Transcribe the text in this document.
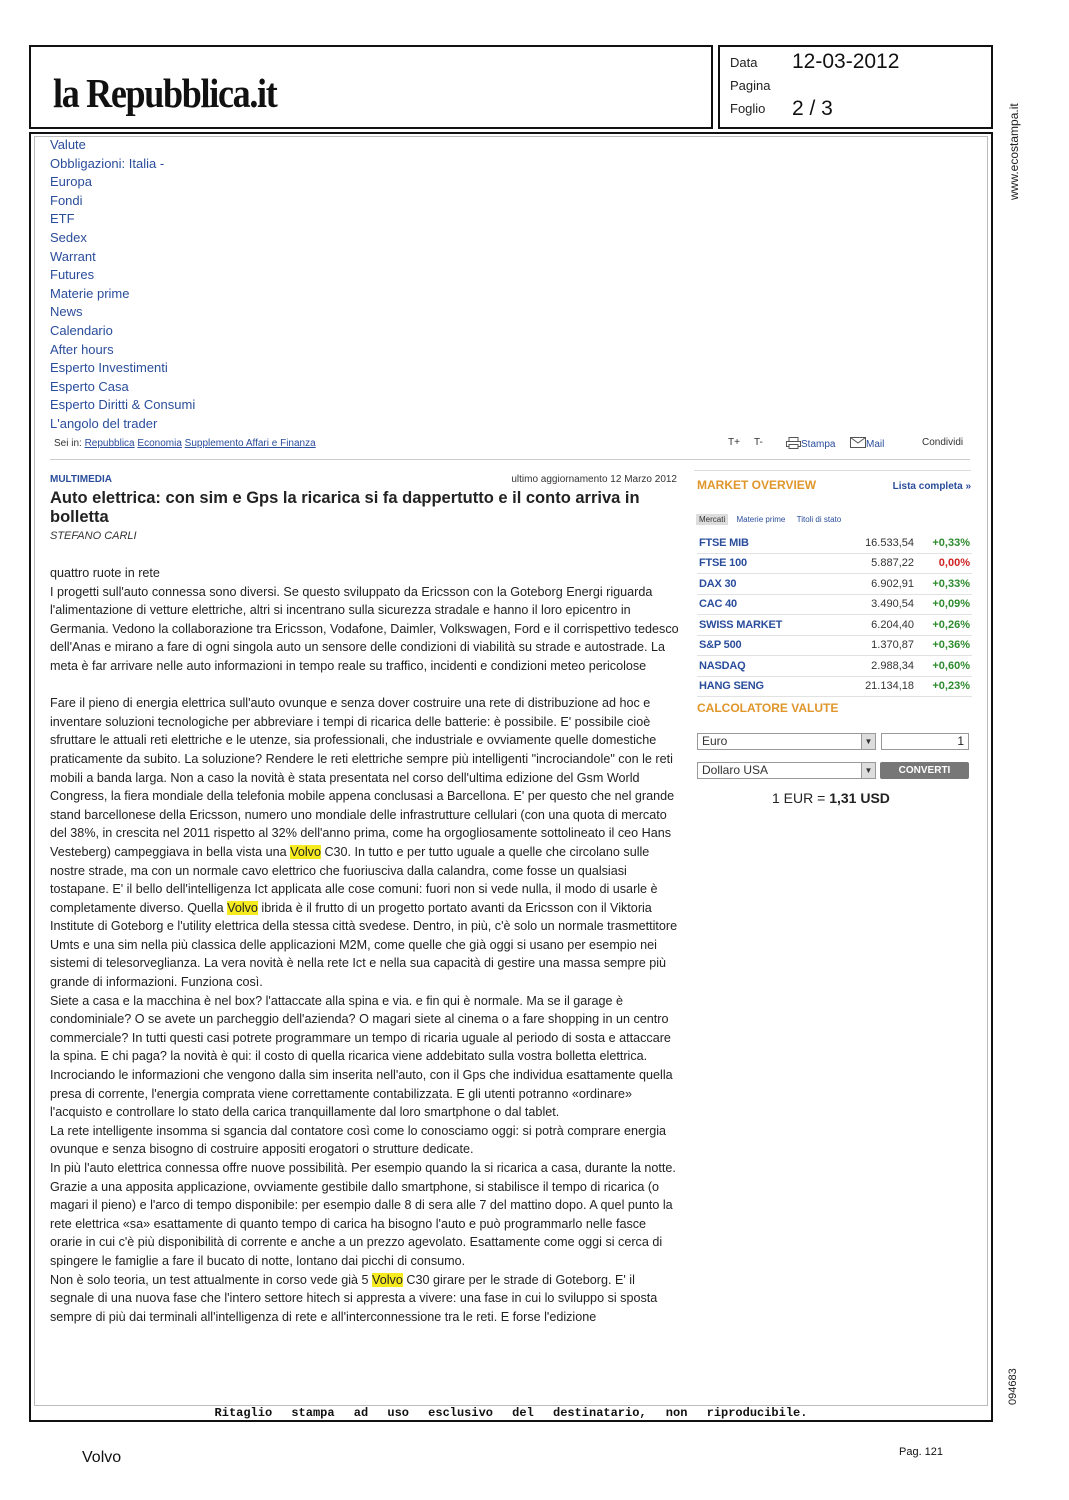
la Repubblica.it
Data 12-03-2012
Pagina
Foglio 2 / 3	www.ecostampa.it
094683
Valute
Obbligazioni: Italia -
Europa
Fondi
ETF
Sedex
Warrant
Futures
Materie prime
News
Calendario
After hours
Esperto Investimenti
Esperto Casa
Esperto Diritti & Consumi
L'angolo del trader
Sei in: Repubblica Economia Supplemento Affari e Finanza	T+ T-	Stampa	Mail	Condividi
MULTIMEDIA	ultimo aggiornamento 12 Marzo 2012
Auto elettrica: con sim e Gps la ricarica si fa dappertutto e il conto arriva in bolletta
STEFANO CARLI

quattro ruote in rete

I progetti sull'auto connessa sono diversi. Se questo sviluppato da Ericsson con la Goteborg Energi riguarda l'alimentazione di vetture elettriche, altri si incentrano sulla sicurezza stradale e hanno il loro epicentro in Germania. Vedono la collaborazione tra Ericsson, Vodafone, Daimler, Volkswagen, Ford e il corrispettivo tedesco dell'Anas e mirano a fare di ogni singola auto un sensore delle condizioni di viabilità su strade e autostrade. La meta è far arrivare nelle auto informazioni in tempo reale su traffico, incidenti e condizioni meteo pericolose

Fare il pieno di energia elettrica sull'auto ovunque e senza dover costruire una rete di distribuzione ad hoc e inventare soluzioni tecnologiche per abbreviare i tempi di ricarica delle batterie: è possibile. E' possibile cioè sfruttare le attuali reti elettriche e le utenze, sia professionali, che industriale e ovviamente quelle domestiche praticamente da subito. La soluzione? Rendere le reti elettriche sempre più intelligenti "incrociandole" con le reti mobili a banda larga. Non a caso la novità è stata presentata nel corso dell'ultima edizione del Gsm World Congress, la fiera mondiale della telefonia mobile appena conclusasi a Barcellona. E' per questo che nel grande stand barcellonese della Ericsson, numero uno mondiale delle infrastrutture cellulari (con una quota di mercato del 38%, in crescita nel 2011 rispetto al 32% dell'anno prima, come ha orgogliosamente sottolineato il ceo Hans Vesteberg) campeggiava in bella vista una Volvo C30. In tutto e per tutto uguale a quelle che circolano sulle nostre strade, ma con un normale cavo elettrico che fuoriusciva dalla calandra, come fosse un qualsiasi tostapane. E' il bello dell'intelligenza Ict applicata alle cose comuni: fuori non si vede nulla, il modo di usarle è completamente diverso. Quella Volvo ibrida è il frutto di un progetto portato avanti da Ericsson con il Viktoria Institute di Goteborg e l'utility elettrica della stessa città svedese. Dentro, in più, c'è solo un normale trasmettitore Umts e una sim nella più classica delle applicazioni M2M, come quelle che già oggi si usano per esempio nei sistemi di telesorveglianza. La vera novità è nella rete Ict e nella sua capacità di gestire una massa sempre più grande di informazioni. Funziona così.

Siete a casa e la macchina è nel box? l'attaccate alla spina e via. e fin qui è normale. Ma se il garage è condominiale? O se avete un parcheggio dell'azienda? O magari siete al cinema o a fare shopping in un centro commerciale? In tutti questi casi potrete programmare un tempo di ricaria uguale al periodo di sosta e attaccare la spina. E chi paga? la novità è qui: il costo di quella ricarica viene addebitato sulla vostra bolletta elettrica. Incrociando le informazioni che vengono dalla sim inserita nell'auto, con il Gps che individua esattamente quella presa di corrente, l'energia comprata viene correttamente contabilizzata. E gli utenti potranno «ordinare» l'acquisto e controllare lo stato della carica tranquillamente dal loro smartphone o dal tablet.

La rete intelligente insomma si sgancia dal contatore così come lo conosciamo oggi: si potrà comprare energia ovunque e senza bisogno di costruire appositi erogatori o strutture dedicate.

In più l'auto elettrica connessa offre nuove possibilità. Per esempio quando la si ricarica a casa, durante la notte. Grazie a una apposita applicazione, ovviamente gestibile dallo smartphone, si stabilisce il tempo di ricarica (o magari il pieno) e l'arco di tempo disponibile: per esempio dalle 8 di sera alle 7 del mattino dopo. A quel punto la rete elettrica «sa» esattamente di quanto tempo di carica ha bisogno l'auto e può programmarlo nelle fasce orarie in cui c'è più disponibilità di corrente e anche a un prezzo agevolato. Esattamente come oggi si cerca di spingere le famiglie a fare il bucato di notte, lontano dai picchi di consumo.

Non è solo teoria, un test attualmente in corso vede già 5 Volvo C30 girare per le strade di Goteborg. E' il segnale di una nuova fase che l'intero settore hitech si appresta a vivere: una fase in cui lo sviluppo si sposta sempre di più dai terminali all'intelligenza di rete e all'interconnessione tra le reti. E forse l'edizione

MARKET OVERVIEW	Lista completa »
Mercati Materie prime Titoli di stato
FTSE MIB	16.533,54	+0,33%
FTSE 100	5.887,22	0,00%
DAX 30	6.902,91	+0,33%
CAC 40	3.490,54	+0,09%
SWISS MARKET	6.204,40	+0,26%
S&P 500	1.370,87	+0,36%
NASDAQ	2.988,34	+0,60%
HANG SENG	21.134,18	+0,23%
CALCOLATORE VALUTE
Euro	▼	1
Dollaro USA	▼	CONVERTI
1 EUR = 1,31 USD
Ritaglio stampa ad uso esclusivo del destinatario, non riproducibile.
Volvo	Pag. 121
